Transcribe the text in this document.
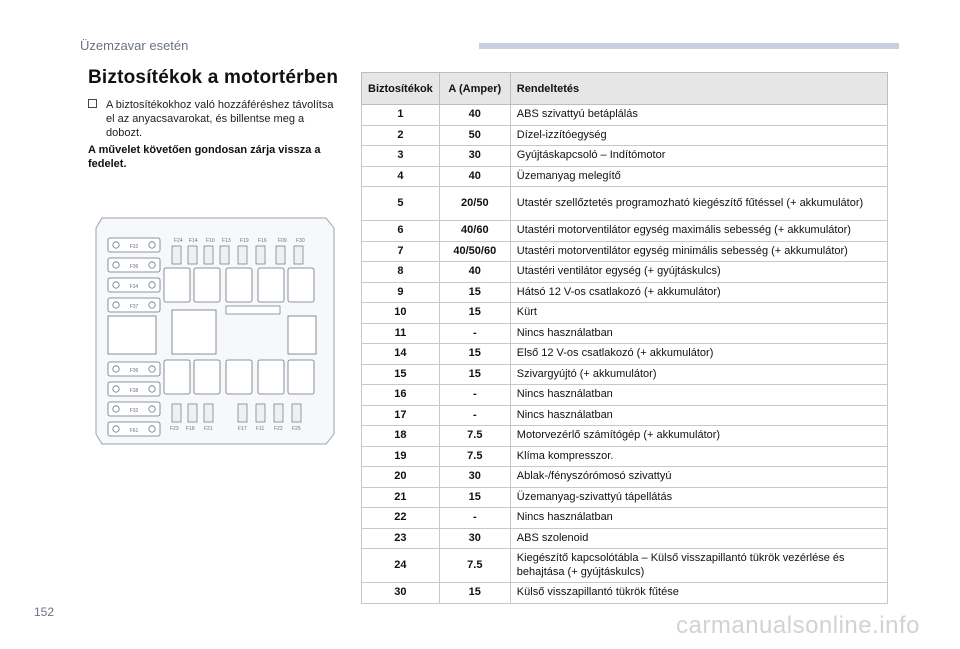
Üzemzavar esetén
Biztosítékok a motortérben
A biztosítékokhoz való hozzáféréshez távolítsa el az anyacsavarokat, és billentse meg a dobozt.
A művelet követően gondosan zárja vissza a fedelet.
F32
F36
F34
F37
F36
F38
F32
F61
F24 F14 F10 F13 F19 F16 F09 F30
F23 F18 F21	F17 F11 F22 F25
Biztosítékok	A (Amper)	Rendeltetés
1	40	ABS szivattyú betáplálás
2	50	Dízel-izzítóegység
3	30	Gyújtáskapcsoló – Indítómotor
4	40	Üzemanyag melegítő
5	20/50	Utastér szellőztetés programozható kiegészítő fűtéssel (+ akkumulátor)
6	40/60	Utastéri motorventilátor egység maximális sebesség (+ akkumulátor)
7	40/50/60	Utastéri motorventilátor egység minimális sebesség (+ akkumulátor)
8	40	Utastéri ventilátor egység (+ gyújtáskulcs)
9	15	Hátsó 12 V-os csatlakozó (+ akkumulátor)
10	15	Kürt
11	-	Nincs használatban
14	15	Első 12 V-os csatlakozó (+ akkumulátor)
15	15	Szivargyújtó (+ akkumulátor)
16	-	Nincs használatban
17	-	Nincs használatban
18	7.5	Motorvezérlő számítógép (+ akkumulátor)
19	7.5	Klíma kompresszor.
20	30	Ablak-/fényszórómosó szivattyú
21	15	Üzemanyag-szivattyú tápellátás
22	-	Nincs használatban
23	30	ABS szolenoid
24	7.5	Kiegészítő kapcsolótábla – Külső visszapillantó tükrök vezérlése és behajtása (+ gyújtáskulcs)
30	15	Külső visszapillantó tükrök fűtése
152	carmanualsonline.info
